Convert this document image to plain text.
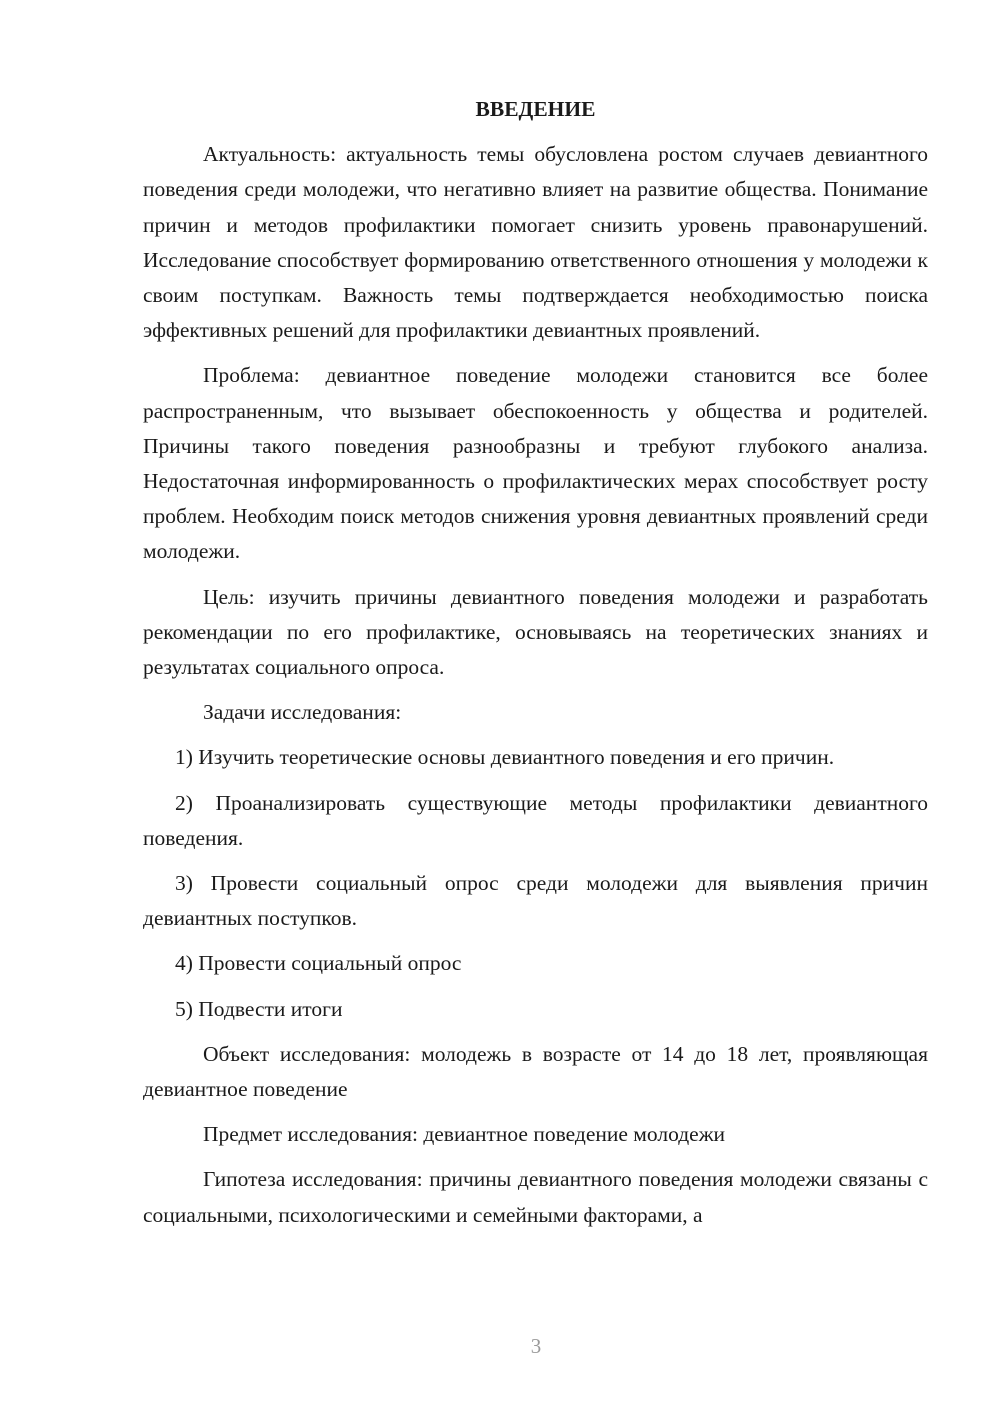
ВВЕДЕНИЕ

Актуальность: актуальность темы обусловлена ростом случаев девиантного поведения среди молодежи, что негативно влияет на развитие общества. Понимание причин и методов профилактики помогает снизить уровень правонарушений. Исследование способствует формированию ответственного отношения у молодежи к своим поступкам. Важность темы подтверждается необходимостью поиска эффективных решений для профилактики девиантных проявлений.

Проблема: девиантное поведение молодежи становится все более распространенным, что вызывает обеспокоенность у общества и родителей. Причины такого поведения разнообразны и требуют глубокого анализа. Недостаточная информированность о профилактических мерах способствует росту проблем. Необходим поиск методов снижения уровня девиантных проявлений среди молодежи.

Цель: изучить причины девиантного поведения молодежи и разработать рекомендации по его профилактике, основываясь на теоретических знаниях и результатах социального опроса.

Задачи исследования:

1) Изучить теоретические основы девиантного поведения и его причин.

2) Проанализировать существующие методы профилактики девиантного поведения.

3) Провести социальный опрос среди молодежи для выявления причин девиантных поступков.

4) Провести социальный опрос

5) Подвести итоги

Объект исследования: молодежь в возрасте от 14 до 18 лет, проявляющая девиантное поведение

Предмет исследования: девиантное поведение молодежи

Гипотеза исследования: причины девиантного поведения молодежи связаны с социальными, психологическими и семейными факторами, а

3
